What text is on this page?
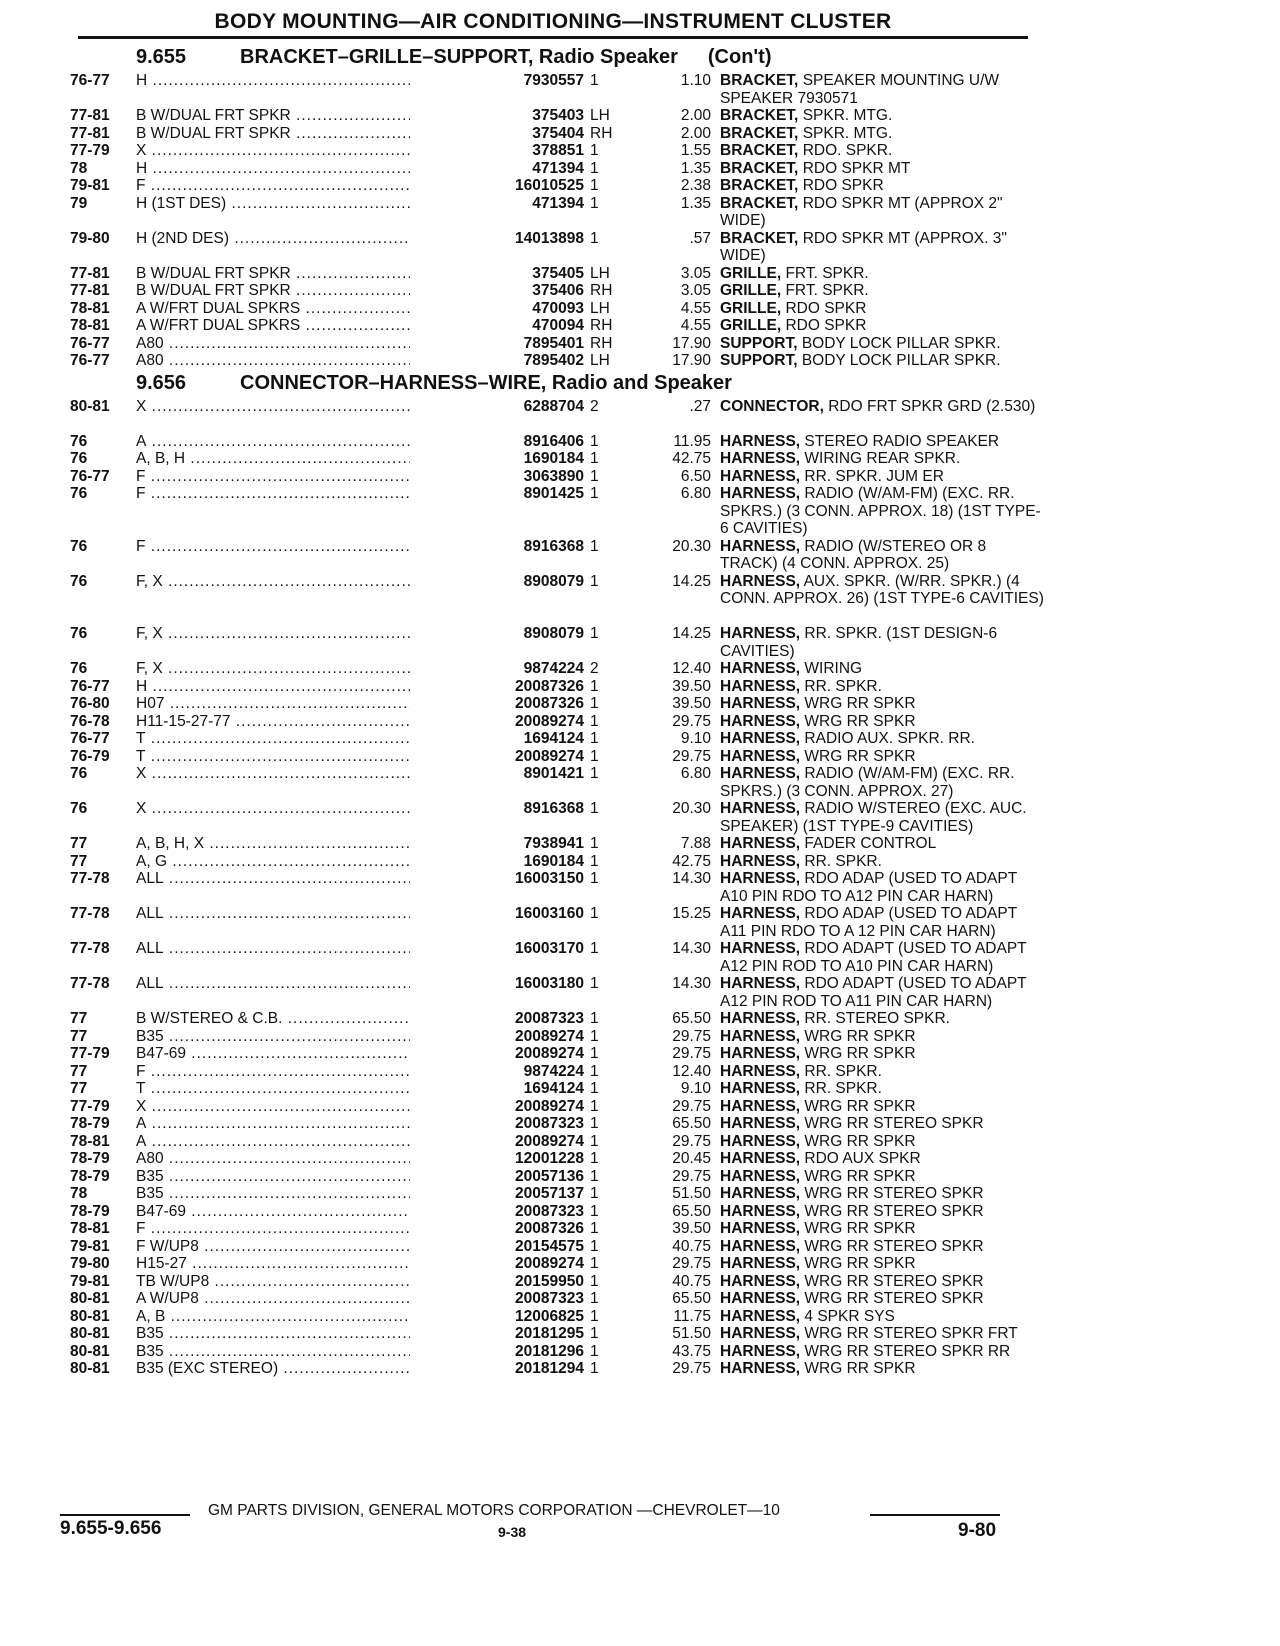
BODY MOUNTING—AIR CONDITIONING—INSTRUMENT CLUSTER
9.655	BRACKET–GRILLE–SUPPORT, Radio Speaker (Con't)
76-77 H .....	7930557 1	1.10 BRACKET, SPEAKER MOUNTING U/W SPEAKER 7930571
77-81 B W/DUAL FRT SPKR .....	375403 LH	2.00 BRACKET, SPKR. MTG.
77-81 B W/DUAL FRT SPKR .....	375404 RH	2.00 BRACKET, SPKR. MTG.
77-79 X .....	378851 1	1.55 BRACKET, RDO. SPKR.
78	H .....	471394 1	1.35 BRACKET, RDO SPKR MT
79-81 F .....	16010525 1	2.38 BRACKET, RDO SPKR
79	H (1ST DES) .....	471394 1	1.35 BRACKET, RDO SPKR MT (APPROX 2" WIDE)
79-80 H (2ND DES) .....	14013898 1	.57 BRACKET, RDO SPKR MT (APPROX. 3" WIDE)
77-81 B W/DUAL FRT SPKR .....	375405 LH	3.05 GRILLE, FRT. SPKR.
77-81 B W/DUAL FRT SPKR .....	375406 RH	3.05 GRILLE, FRT. SPKR.
78-81 A W/FRT DUAL SPKRS .....	470093 LH	4.55 GRILLE, RDO SPKR
78-81 A W/FRT DUAL SPKRS .....	470094 RH	4.55 GRILLE, RDO SPKR
76-77 A80 .....	7895401 RH	17.90 SUPPORT, BODY LOCK PILLAR SPKR.
76-77 A80 .....	7895402 LH	17.90 SUPPORT, BODY LOCK PILLAR SPKR.
9.656	CONNECTOR–HARNESS–WIRE, Radio and Speaker
80-81 X .....	6288704 2	.27 CONNECTOR, RDO FRT SPKR GRD (2.530)
76	A .....	8916406 1	11.95 HARNESS, STEREO RADIO SPEAKER
76	A, B, H .....	1690184 1	42.75 HARNESS, WIRING REAR SPKR.
76-77 F .....	3063890 1	6.50 HARNESS, RR. SPKR. JUM ER
76	F .....	8901425 1	6.80 HARNESS, RADIO (W/AM-FM) (EXC. RR. SPKRS.) (3 CONN. APPROX. 18) (1ST TYPE-6 CAVITIES)
76	F .....	8916368 1	20.30 HARNESS, RADIO (W/STEREO OR 8 TRACK) (4 CONN. APPROX. 25)
76	F, X .....	8908079 1	14.25 HARNESS, AUX. SPKR. (W/RR. SPKR.) (4 CONN. APPROX. 26) (1ST TYPE-6 CAVITIES)
76	F, X .....	8908079 1	14.25 HARNESS, RR. SPKR. (1ST DESIGN-6 CAVITIES)
76	F, X .....	9874224 2	12.40 HARNESS, WIRING
76-77 H .....	20087326 1	39.50 HARNESS, RR. SPKR.
76-80 H07 .....	20087326 1	39.50 HARNESS, WRG RR SPKR
76-78 H11-15-27-77 .....	20089274 1	29.75 HARNESS, WRG RR SPKR
76-77 T .....	1694124 1	9.10 HARNESS, RADIO AUX. SPKR. RR.
76-79 T .....	20089274 1	29.75 HARNESS, WRG RR SPKR
76	X .....	8901421 1	6.80 HARNESS, RADIO (W/AM-FM) (EXC. RR. SPKRS.) (3 CONN. APPROX. 27)
76	X .....	8916368 1	20.30 HARNESS, RADIO W/STEREO (EXC. AUC. SPEAKER) (1ST TYPE-9 CAVITIES)
77	A, B, H, X .....	7938941 1	7.88 HARNESS, FADER CONTROL
77	A, G .....	1690184 1	42.75 HARNESS, RR. SPKR.
77-78 ALL .....	16003150 1	14.30 HARNESS, RDO ADAP (USED TO ADAPT A10 PIN RDO TO A12 PIN CAR HARN)
77-78 ALL .....	16003160 1	15.25 HARNESS, RDO ADAP (USED TO ADAPT A11 PIN RDO TO A 12 PIN CAR HARN)
77-78 ALL .....	16003170 1	14.30 HARNESS, RDO ADAPT (USED TO ADAPT A12 PIN ROD TO A10 PIN CAR HARN)
77-78 ALL .....	16003180 1	14.30 HARNESS, RDO ADAPT (USED TO ADAPT A12 PIN ROD TO A11 PIN CAR HARN)
77	B W/STEREO & C.B. .....	20087323 1	65.50 HARNESS, RR. STEREO SPKR.
77	B35 .....	20089274 1	29.75 HARNESS, WRG RR SPKR
77-79 B47-69 .....	20089274 1	29.75 HARNESS, WRG RR SPKR
77	F .....	9874224 1	12.40 HARNESS, RR. SPKR.
77	T .....	1694124 1	9.10 HARNESS, RR. SPKR.
77-79 X .....	20089274 1	29.75 HARNESS, WRG RR SPKR
78-79 A .....	20087323 1	65.50 HARNESS, WRG RR STEREO SPKR
78-81 A .....	20089274 1	29.75 HARNESS, WRG RR SPKR
78-79 A80 .....	12001228 1	20.45 HARNESS, RDO AUX SPKR
78-79 B35 .....	20057136 1	29.75 HARNESS, WRG RR SPKR
78	B35 .....	20057137 1	51.50 HARNESS, WRG RR STEREO SPKR
78-79 B47-69 .....	20087323 1	65.50 HARNESS, WRG RR STEREO SPKR
78-81 F .....	20087326 1	39.50 HARNESS, WRG RR SPKR
79-81 F W/UP8 .....	20154575 1	40.75 HARNESS, WRG RR STEREO SPKR
79-80 H15-27 .....	20089274 1	29.75 HARNESS, WRG RR SPKR
79-81 TB W/UP8 .....	20159950 1	40.75 HARNESS, WRG RR STEREO SPKR
80-81 A W/UP8 .....	20087323 1	65.50 HARNESS, WRG RR STEREO SPKR
80-81 A, B .....	12006825 1	11.75 HARNESS, 4 SPKR SYS
80-81 B35 .....	20181295 1	51.50 HARNESS, WRG RR STEREO SPKR FRT
80-81 B35 .....	20181296 1	43.75 HARNESS, WRG RR STEREO SPKR RR
80-81 B35 (EXC STEREO) .....	20181294 1	29.75 HARNESS, WRG RR SPKR
GM PARTS DIVISION, GENERAL MOTORS CORPORATION —CHEVROLET—10
9.655-9.656	9-38	9-80
